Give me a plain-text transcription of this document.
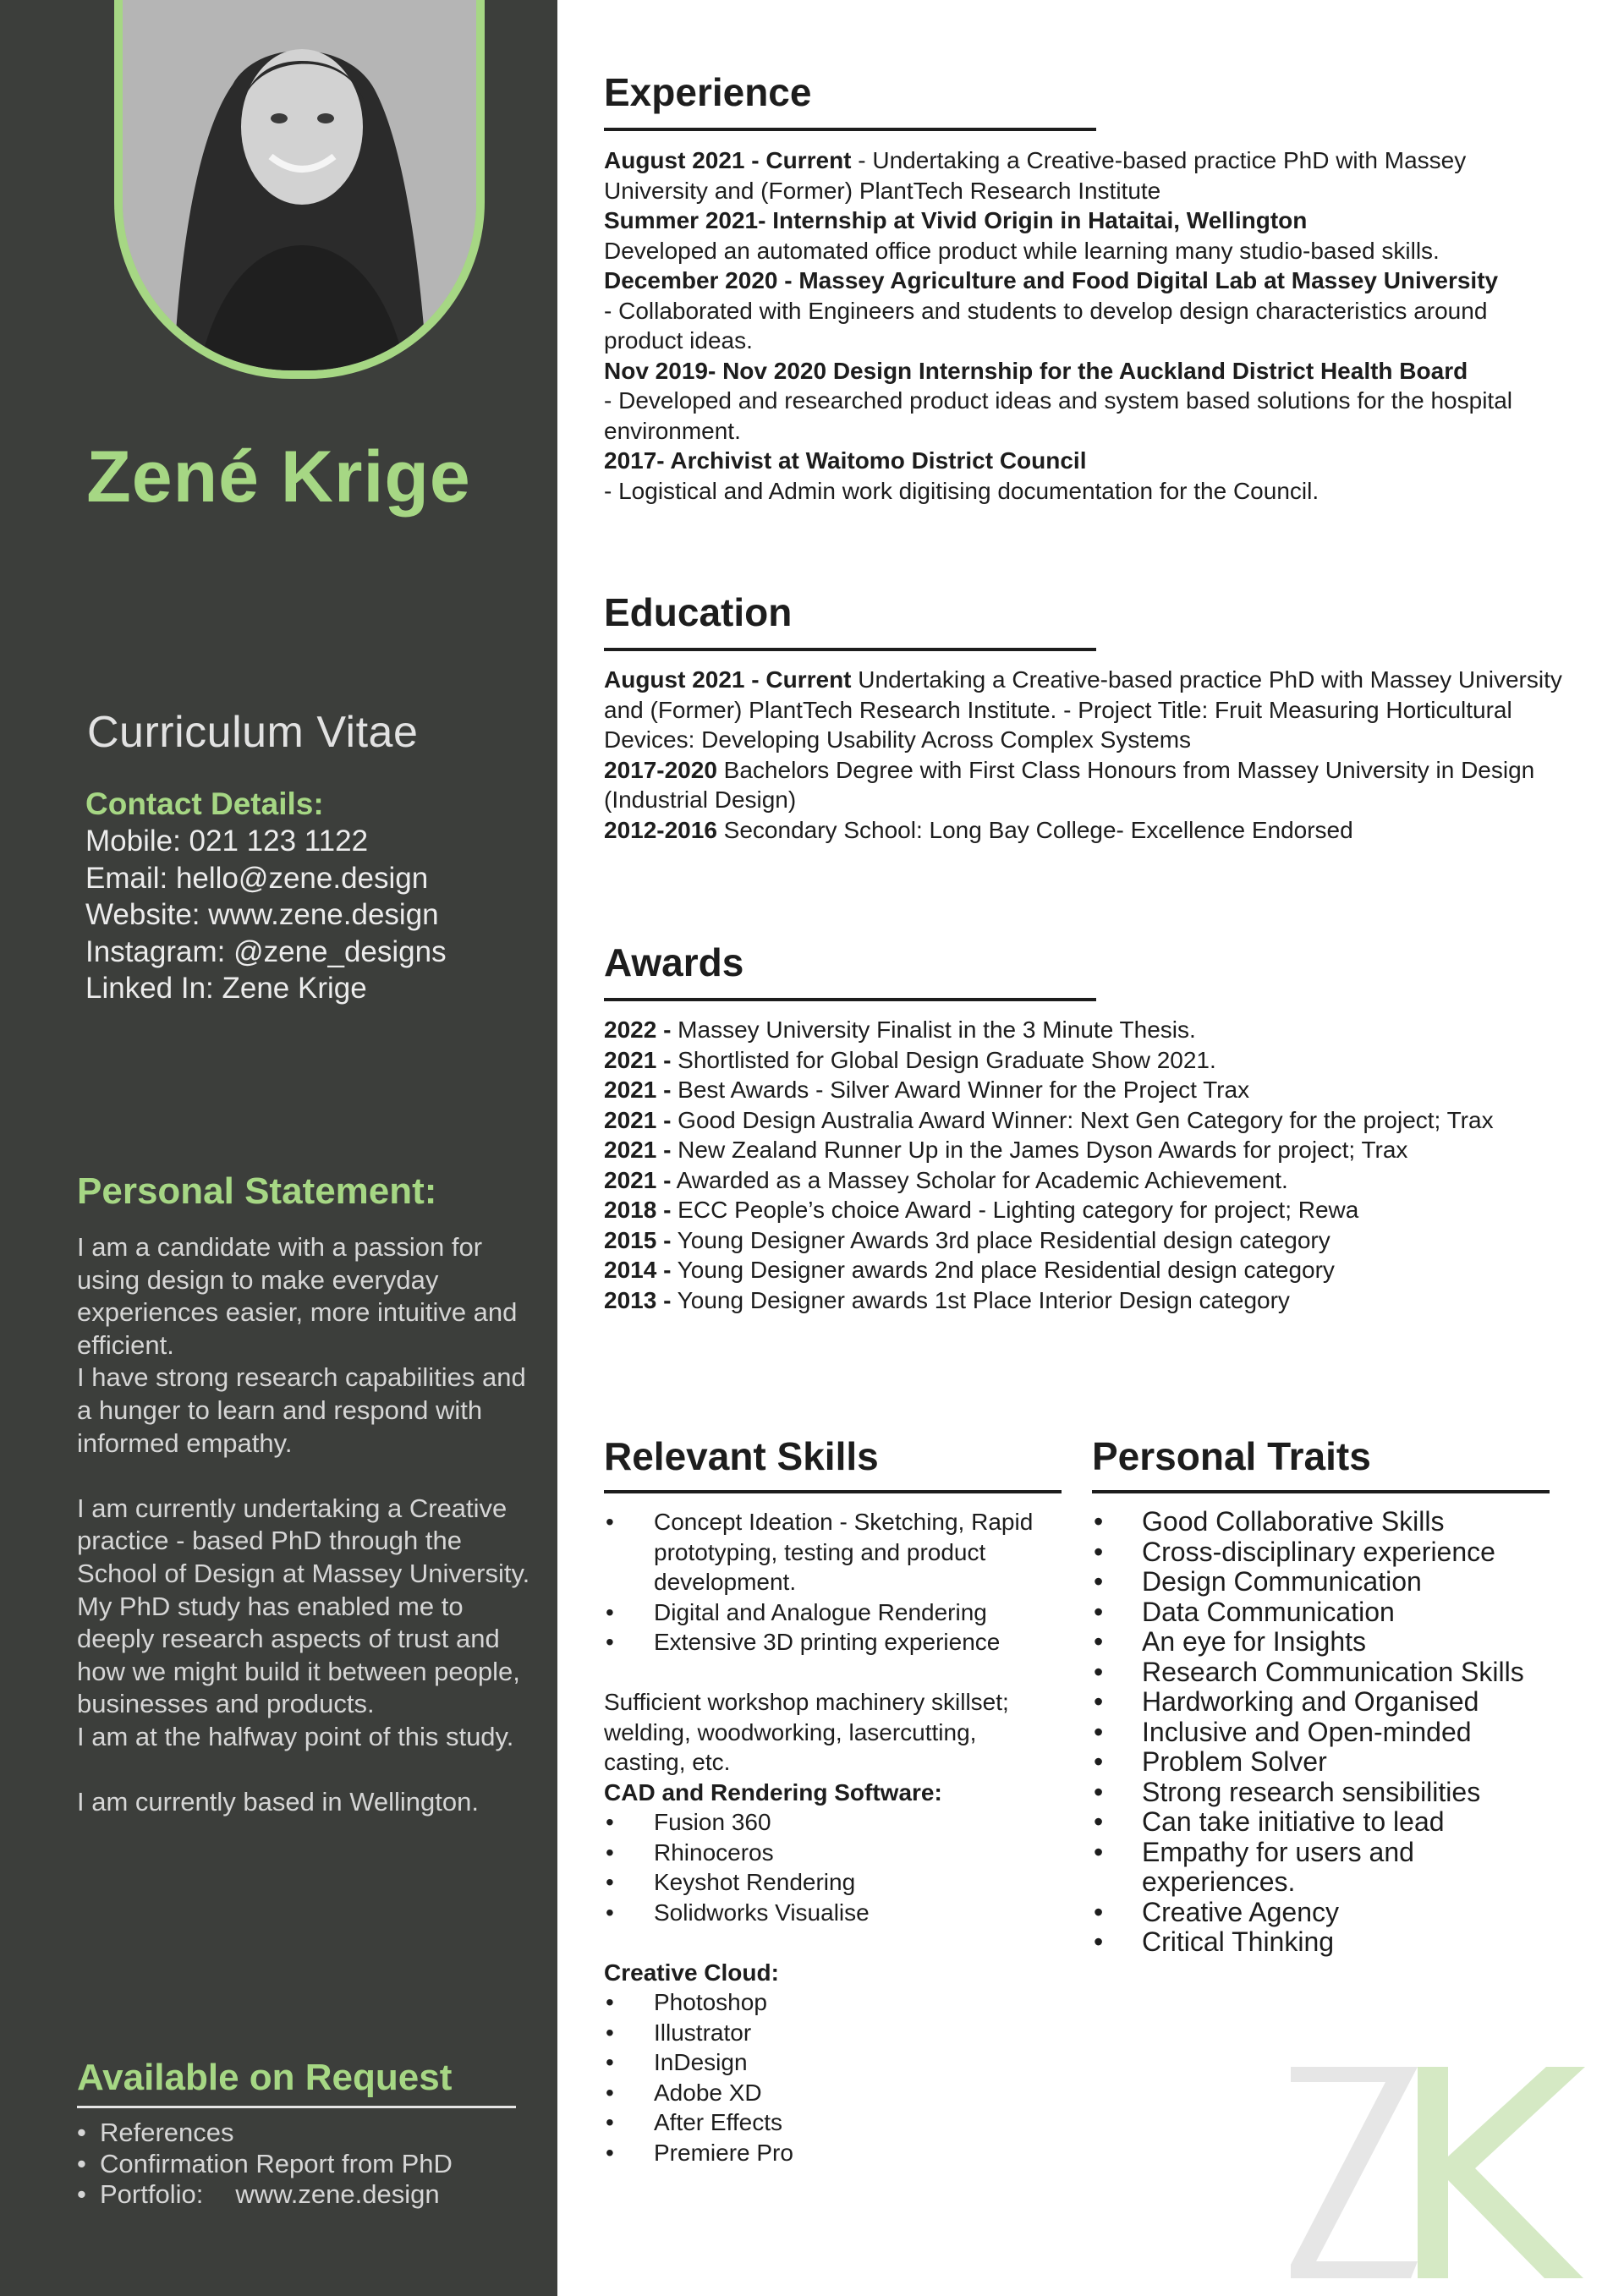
Zené Krige
Curriculum Vitae
Contact Details:
Mobile: 021 123 1122
Email: hello@zene.design
Website: www.zene.design
Instagram: @zene_designs
Linked In: Zene Krige
Personal Statement:

I am a candidate with a passion for using design to make everyday experiences easier, more intuitive and efficient.

I have strong research capabilities and a hunger to learn and respond with informed empathy.

I am currently undertaking a Creative practice - based PhD through the School of Design at Massey University.

My PhD study has enabled me to deeply research aspects of trust and how we might build it between people, businesses and products.

I am at the halfway point of this study.

I am currently based in Wellington.

Available on Request
• References
• Confirmation Report from PhD
• Portfolio: www.zene.design
Experience

August 2021 - Current - Undertaking a Creative-based practice PhD with Massey University and (Former) PlantTech Research Institute

Summer 2021- Internship at Vivid Origin in Hataitai, Wellington

Developed an automated office product while learning many studio-based skills.

December 2020 - Massey Agriculture and Food Digital Lab at Massey University

- Collaborated with Engineers and students to develop design characteristics around product ideas.

Nov 2019- Nov 2020 Design Internship for the Auckland District Health Board

- Developed and researched product ideas and system based solutions for the hospital environment.

2017- Archivist at Waitomo District Council

- Logistical and Admin work digitising documentation for the Council.

Education

August 2021 - Current Undertaking a Creative-based practice PhD with Massey University and (Former) PlantTech Research Institute. - Project Title: Fruit Measuring Horticultural Devices: Developing Usability Across Complex Systems

2017-2020 Bachelors Degree with First Class Honours from Massey University in Design (Industrial Design)

2012-2016 Secondary School: Long Bay College- Excellence Endorsed

Awards

2022 - Massey University Finalist in the 3 Minute Thesis.

2021 - Shortlisted for Global Design Graduate Show 2021.

2021 - Best Awards - Silver Award Winner for the Project Trax

2021 - Good Design Australia Award Winner: Next Gen Category for the project; Trax

2021 - New Zealand Runner Up in the James Dyson Awards for project; Trax

2021 - Awarded as a Massey Scholar for Academic Achievement.

2018 - ECC People’s choice Award - Lighting category for project; Rewa

2015 - Young Designer Awards 3rd place Residential design category

2014 - Young Designer awards 2nd place Residential design category

2013 - Young Designer awards 1st Place Interior Design category

Relevant Skills
• Concept Ideation - Sketching, Rapid prototyping, testing and product development.
• Digital and Analogue Rendering
• Extensive 3D printing experience

Sufficient workshop machinery skillset; welding, woodworking, lasercutting, casting, etc.

CAD and Rendering Software:

• Fusion 360
• Rhinoceros
• Keyshot Rendering
• Solidworks Visualise

Creative Cloud:

• Photoshop
• Illustrator
• InDesign
• Adobe XD
• After Effects
• Premiere Pro
Personal Traits
• Good Collaborative Skills
• Cross-disciplinary experience
• Design Communication
• Data Communication
• An eye for Insights
• Research Communication Skills
• Hardworking and Organised
• Inclusive and Open-minded
• Problem Solver
• Strong research sensibilities
• Can take initiative to lead
• Empathy for users and experiences.
• Creative Agency
• Critical Thinking
